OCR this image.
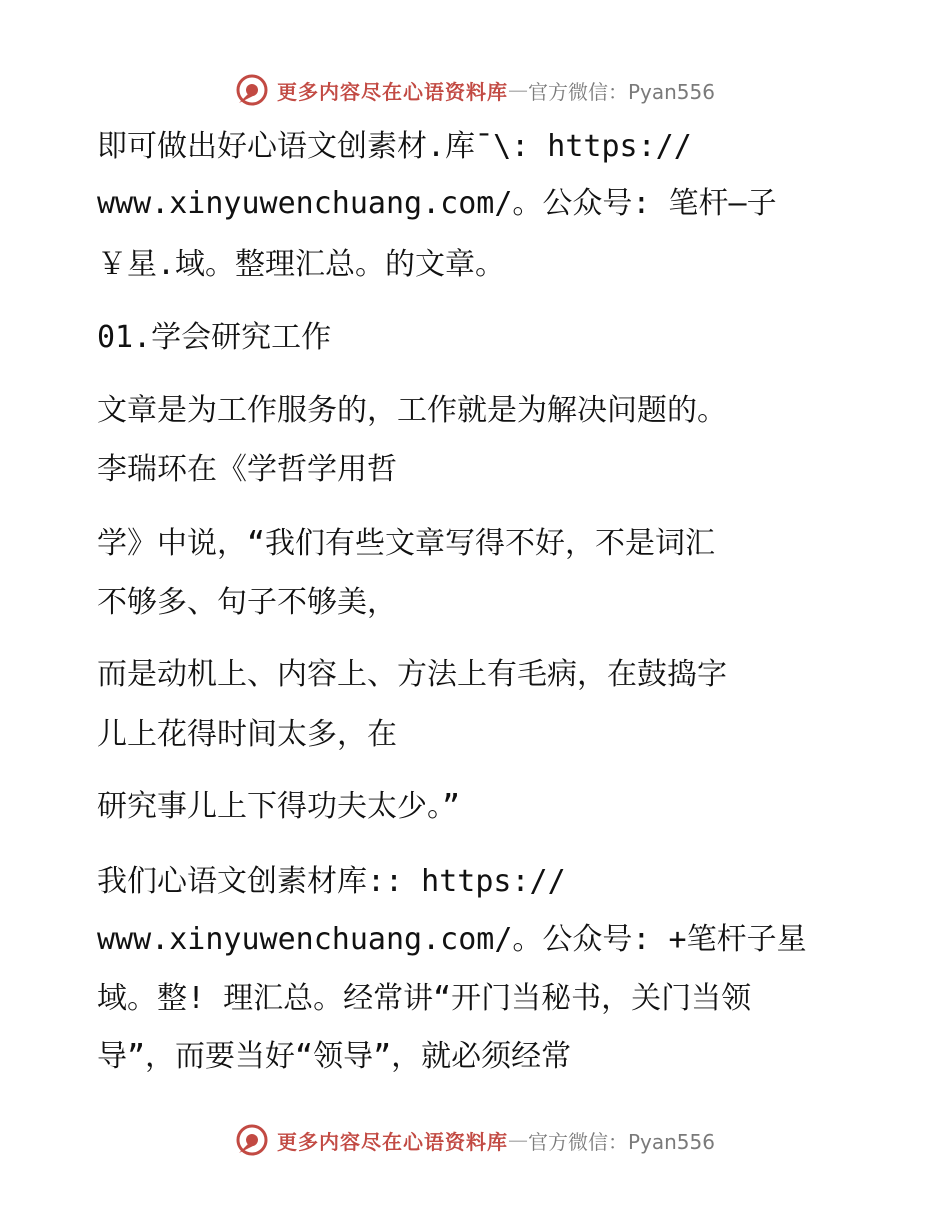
更多内容尽在心语资料库 — 官方微信：Pyan556
即可做出好心语文创素材.库¯\: https://
www.xinyuwenchuang.com/。公众号: 笔杆—子
￥星.域。整理汇总。的文章。
01.学会研究工作
文章是为工作服务的，工作就是为解决问题的。
李瑞环在《学哲学用哲
学》中说，“我们有些文章写得不好，不是词汇
不够多、句子不够美，
而是动机上、内容上、方法上有毛病，在鼓捣字
儿上花得时间太多，在
研究事儿上下得功夫太少。”
我们心语文创素材库:: https://
www.xinyuwenchuang.com/。公众号: +笔杆子星
域。整! 理汇总。经常讲“开门当秘书，关门当领
导”，而要当好“领导”，就必须经常
更多内容尽在心语资料库 — 官方微信：Pyan556
